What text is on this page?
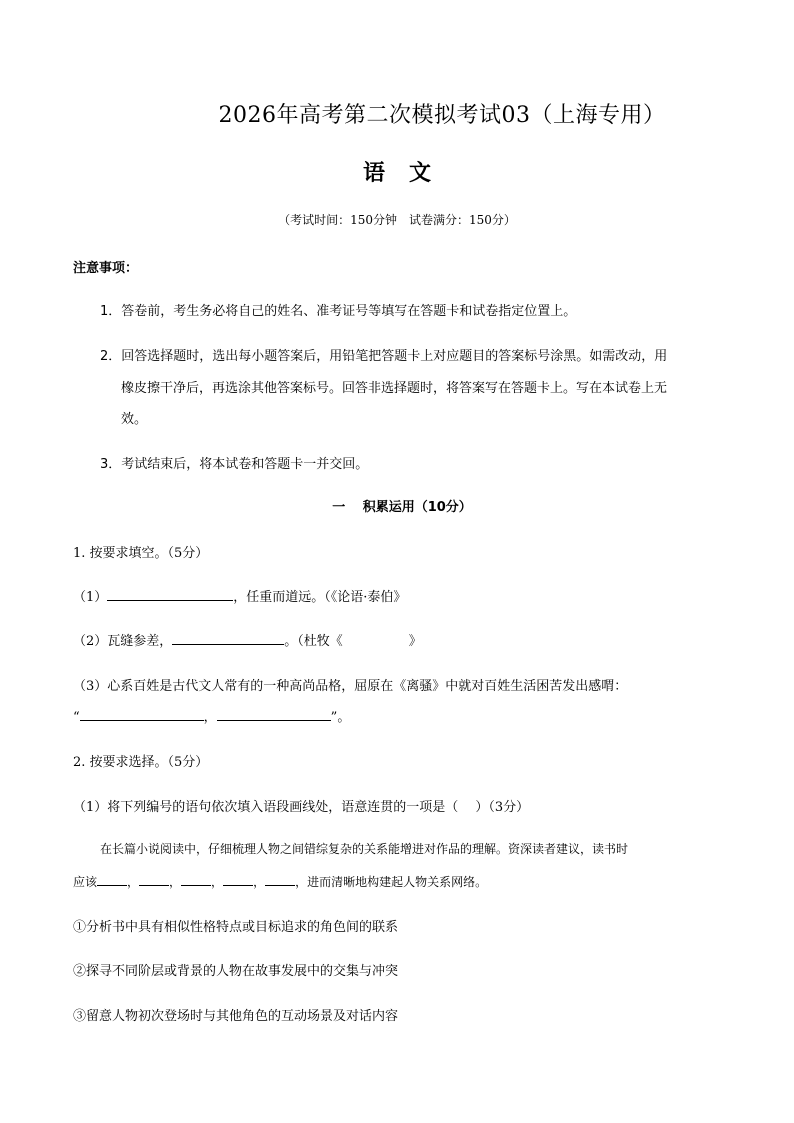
2026年高考第二次模拟考试03（上海专用）
语文
（考试时间：150分钟　试卷满分：150分）
注意事项：
1．答卷前，考生务必将自己的姓名、准考证号等填写在答题卡和试卷指定位置上。
2．回答选择题时，选出每小题答案后，用铅笔把答题卡上对应题目的答案标号涂黑。如需改动，用
橡皮擦干净后，再选涂其他答案标号。回答非选择题时，将答案写在答题卡上。写在本试卷上无
效。
3．考试结束后，将本试卷和答题卡一并交回。
一　 积累运用（10分）
1. 按要求填空。（5分）
（1）	，任重而道远。（《论语·泰伯》
（2）瓦缝参差，	。（杜牧《	》
（3）心系百姓是古代文人常有的一种高尚品格，屈原在《离骚》中就对百姓生活困苦发出感喟：
“	，	”。
2. 按要求选择。（5分）
（1）将下列编号的语句依次填入语段画线处，语意连贯的一项是（　 ）（3分）
在长篇小说阅读中，仔细梳理人物之间错综复杂的关系能增进对作品的理解。资深读者建议，读书时
应该	，	，	，	，	，进而清晰地构建起人物关系网络。
①分析书中具有相似性格特点或目标追求的角色间的联系
②探寻不同阶层或背景的人物在故事发展中的交集与冲突
③留意人物初次登场时与其他角色的互动场景及对话内容
